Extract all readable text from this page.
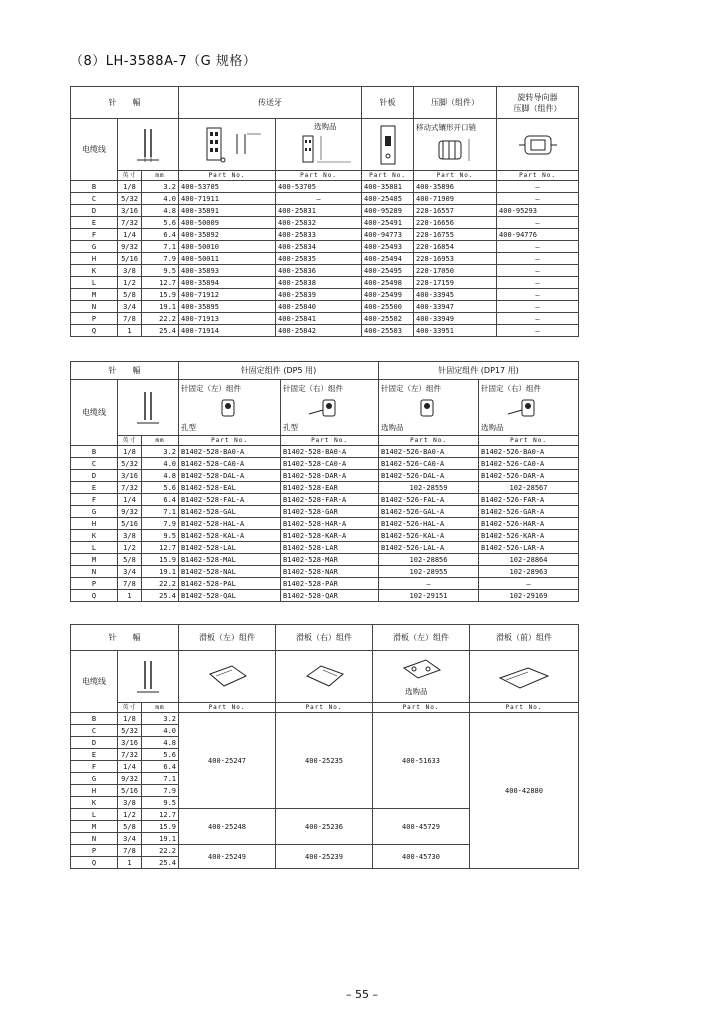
（8）LH-3588A-7（G 规格）
针　　幅			传送牙		针板	压脚（组件）	旋转导向器
压脚（组件）
电缆线				选购品		移动式镶形开口销

	英寸	mm	Part No.	Part No.	Part No.	Part No.	Part No.
B	1/8	3.2	400-53705	400-53705	400-35881	400-35896	—
C	5/32	4.0	400-71911	—	400-25485	400-71909	—
D	3/16	4.8	400-35891	400-25831	400-95289	228-16557	400-95293
E	7/32	5.6	400-50009	400-25832	400-25491	228-16656	—
F	1/4	6.4	400-35892	400-25833	400-94773	228-16755	400-94776
G	9/32	7.1	400-50010	400-25834	400-25493	228-16854	—
H	5/16	7.9	400-50011	400-25835	400-25494	228-16953	—
K	3/8	9.5	400-35893	400-25836	400-25495	228-17050	—
L	1/2	12.7	400-35894	400-25838	400-25498	228-17159	—
M	5/8	15.9	400-71912	400-25839	400-25499	400-33945	—
N	3/4	19.1	400-35895	400-25840	400-25500	400-33947	—
P	7/8	22.2	400-71913	400-25841	400-25502	400-33949	—
Q	1	25.4	400-71914	400-25842	400-25503	400-33951	—
针　　幅			针固定组件 (DP5 用)		针固定组件 (DP17 用)	
电缆线			针固定（左）组件
孔型	针固定（右）组件
孔型	针固定（左）组件
选购品	针固定（右）组件
选购品

	英寸	mm	Part No.	Part No.	Part No.	Part No.
B	1/8	3.2	B1402-528-BA0-A	B1402-528-BA0-A	B1402-526-BA0-A	B1402-526-BA0-A
C	5/32	4.0	B1402-528-CA0-A	B1402-528-CA0-A	B1402-526-CA0-A	B1402-526-CA0-A
D	3/16	4.8	B1402-528-DAL-A	B1402-528-DAR-A	B1402-526-DAL-A	B1402-526-DAR-A
E	7/32	5.6	B1402-528-EAL	B1402-528-EAR	102-28559	102-28567
F	1/4	6.4	B1402-528-FAL-A	B1402-528-FAR-A	B1402-526-FAL-A	B1402-526-FAR-A
G	9/32	7.1	B1402-528-GAL	B1402-528-GAR	B1402-526-GAL-A	B1402-526-GAR-A
H	5/16	7.9	B1402-528-HAL-A	B1402-528-HAR-A	B1402-526-HAL-A	B1402-526-HAR-A
K	3/8	9.5	B1402-528-KAL-A	B1402-528-KAR-A	B1402-526-KAL-A	B1402-526-KAR-A
L	1/2	12.7	B1402-528-LAL	B1402-528-LAR	B1402-526-LAL-A	B1402-526-LAR-A
M	5/8	15.9	B1402-528-MAL	B1402-528-MAR	102-28856	102-28864
N	3/4	19.1	B1402-528-NAL	B1402-528-NAR	102-28955	102-28963
P	7/8	22.2	B1402-528-PAL	B1402-528-PAR	—	—
Q	1	25.4	B1402-528-QAL	B1402-528-QAR	102-29151	102-29169
针　　幅			滑板（左）组件	滑板（右）组件	滑板（左）组件	滑板（前）组件
电缆线					选购品

	英寸	mm	Part No.	Part No.	Part No.	Part No.
B	1/8	3.2	400-25247	400-25235	400-51633	400-42880
C	5/32	4.0				
D	3/16	4.8				
E	7/32	5.6				
F	1/4	6.4				
G	9/32	7.1				
H	5/16	7.9				
K	3/8	9.5				
L	1/2	12.7	400-25248	400-25236	400-45729	
M	5/8	15.9				
N	3/4	19.1				
P	7/8	22.2	400-25249	400-25239	400-45730	
Q	1	25.4				
– 55 –
